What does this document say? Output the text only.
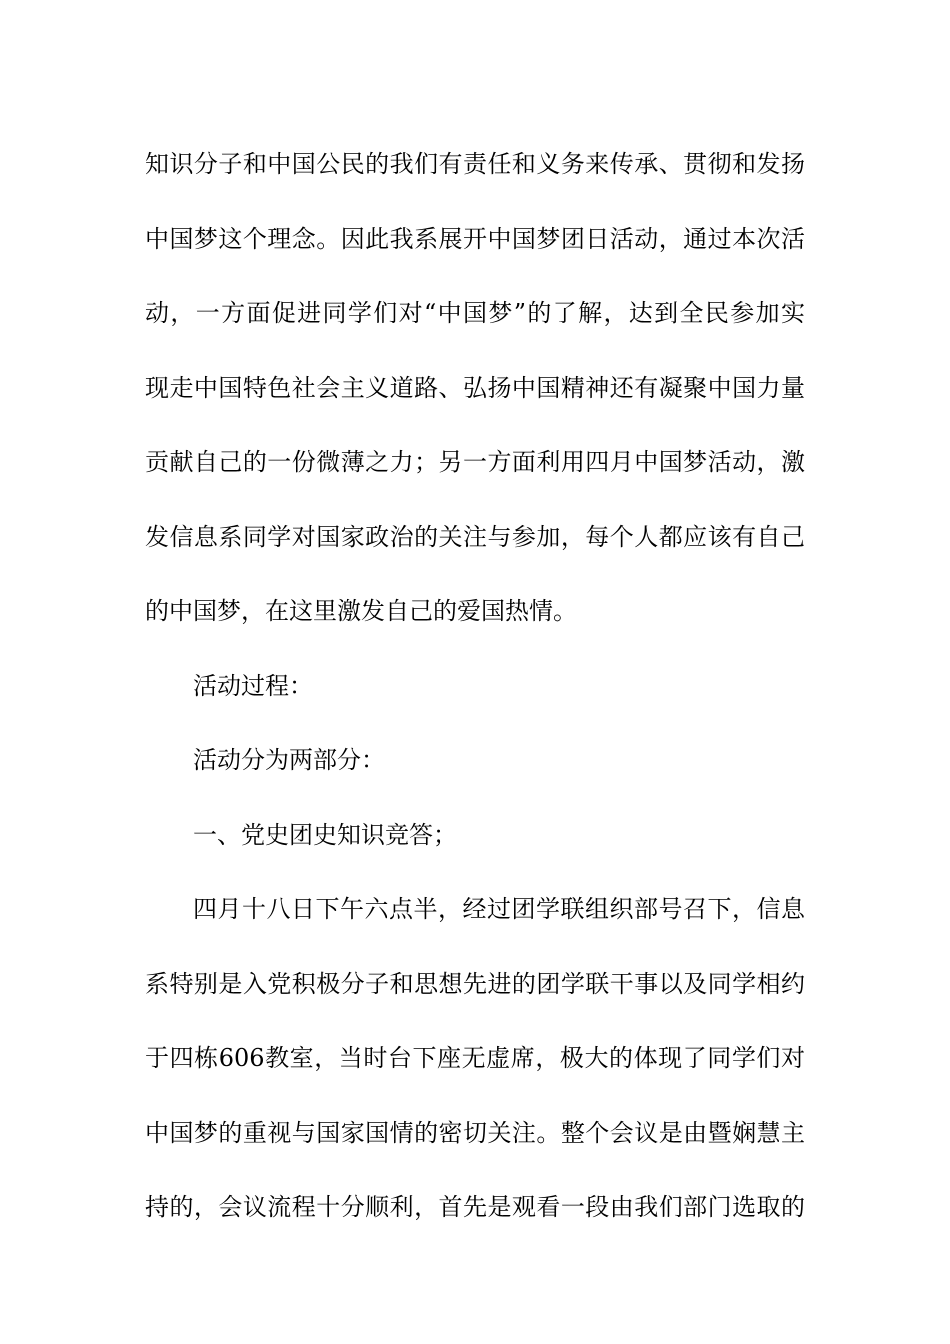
知识分子和中国公民的我们有责任和义务来传承、贯彻和发扬
中国梦这个理念。因此我系展开中国梦团日活动，通过本次活
动，一方面促进同学们对“中国梦”的了解，达到全民参加实
现走中国特色社会主义道路、弘扬中国精神还有凝聚中国力量
贡献自己的一份微薄之力；另一方面利用四月中国梦活动，激
发信息系同学对国家政治的关注与参加，每个人都应该有自己
的中国梦，在这里激发自己的爱国热情。
活动过程：
活动分为两部分：
一、党史团史知识竞答；
四月十八日下午六点半，经过团学联组织部号召下，信息
系特别是入党积极分子和思想先进的团学联干事以及同学相约
于四栋606教室，当时台下座无虚席，极大的体现了同学们对
中国梦的重视与国家国情的密切关注。整个会议是由暨娴慧主
持的，会议流程十分顺利，首先是观看一段由我们部门选取的
